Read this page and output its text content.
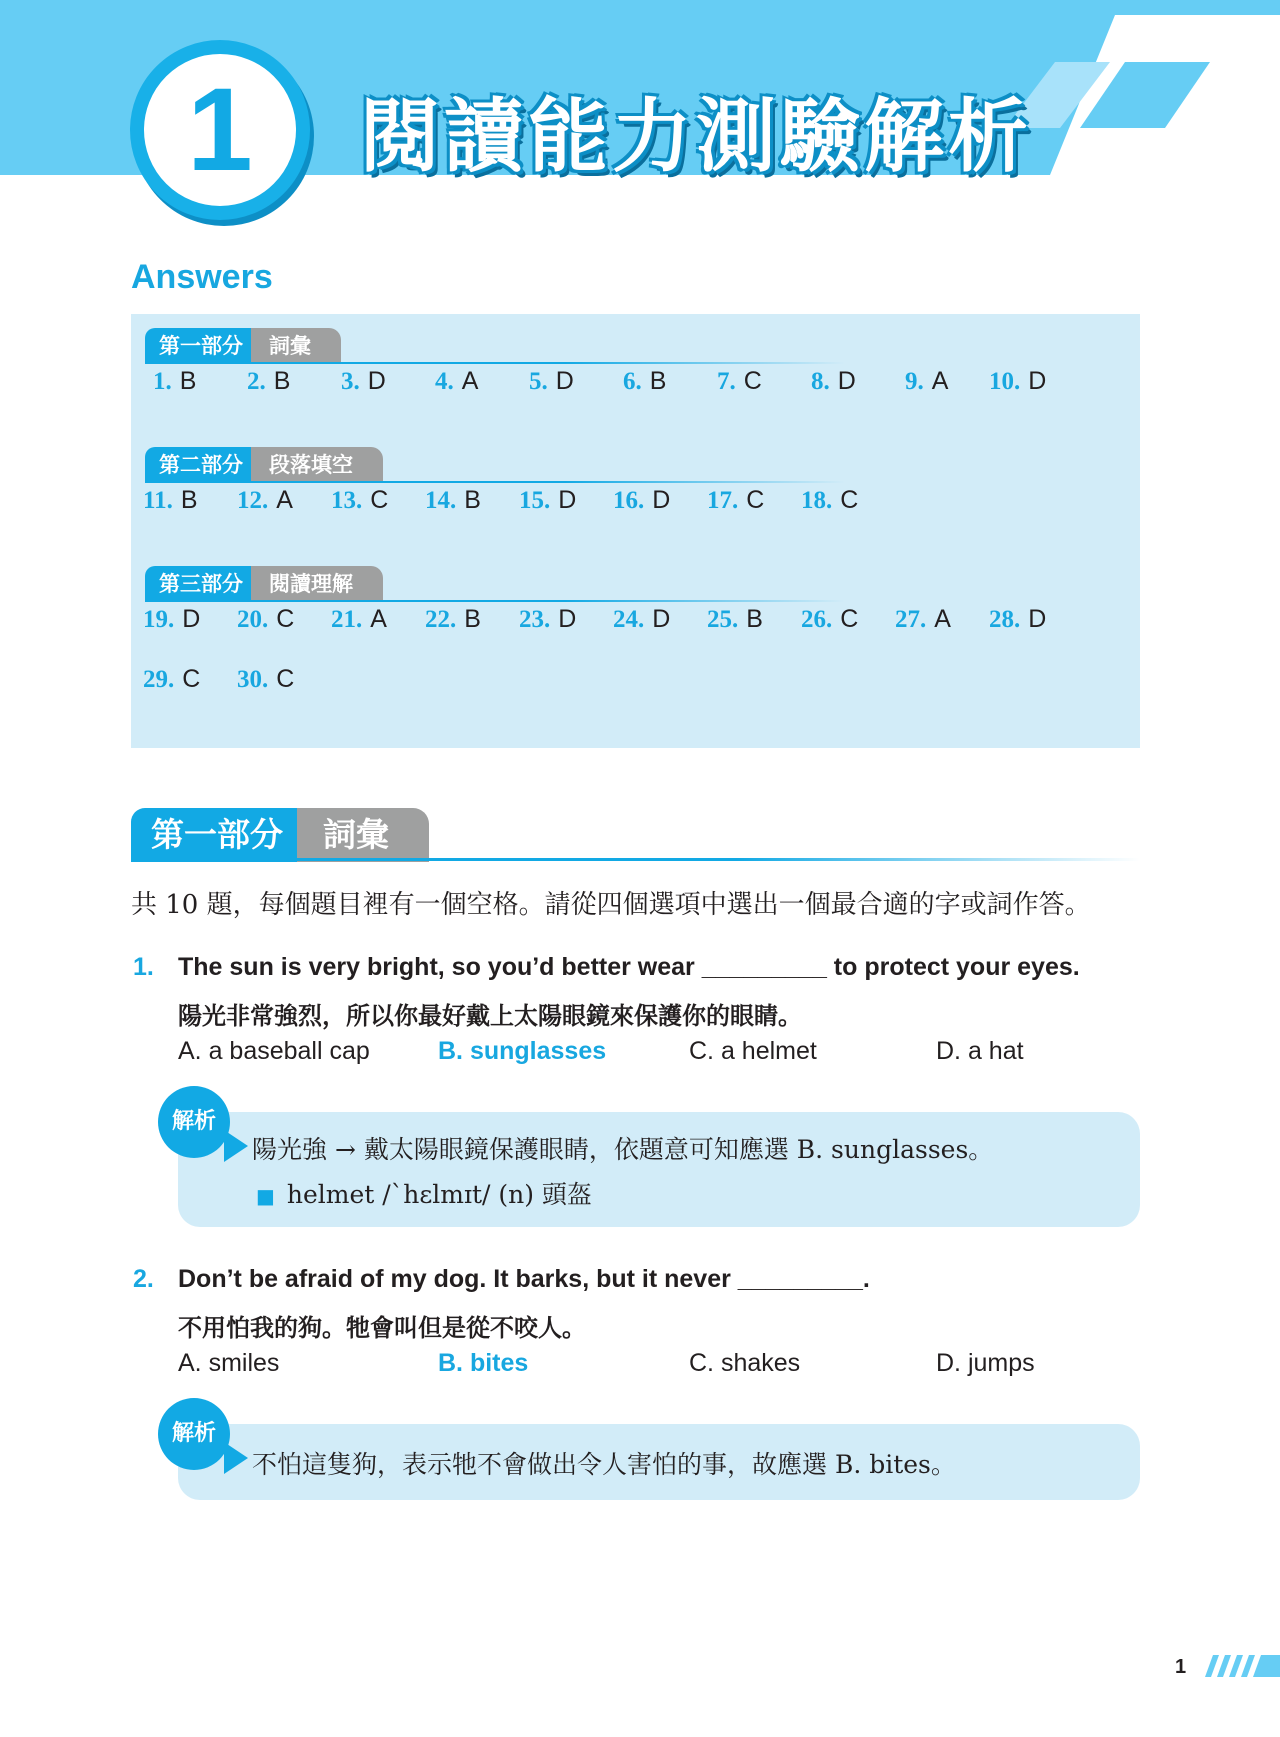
1	閱讀能力測驗解析
Answers
第一部分	詞彙
1. B 2. B 3. D 4. A 5. D 6. B 7. C 8. D 9. A 10. D
第二部分	段落填空
11. B 12. A 13. C 14. B 15. D 16. D 17. C 18. C
第三部分	閱讀理解
19. D 20. C 21. A 22. B 23. D 24. D 25. B 26. C 27. A 28. D
29. C 30. C
第一部分	詞彙
共 10 題，每個題目裡有一個空格。請從四個選項中選出一個最合適的字或詞作答。
1. The sun is very bright, so you’d better wear _________ to protect your eyes.
陽光非常強烈，所以你最好戴上太陽眼鏡來保護你的眼睛。
A. a baseball cap	B. sunglasses	C. a helmet	D. a hat
解析
陽光強 → 戴太陽眼鏡保護眼睛，依題意可知應選 B. sunglasses。
■ helmet /ˋhɛlmɪt/ (n) 頭盔
2. Don’t be afraid of my dog. It barks, but it never _________.
不用怕我的狗。牠會叫但是從不咬人。
A. smiles	B. bites	C. shakes	D. jumps
解析
不怕這隻狗，表示牠不會做出令人害怕的事，故應選 B. bites。
1
